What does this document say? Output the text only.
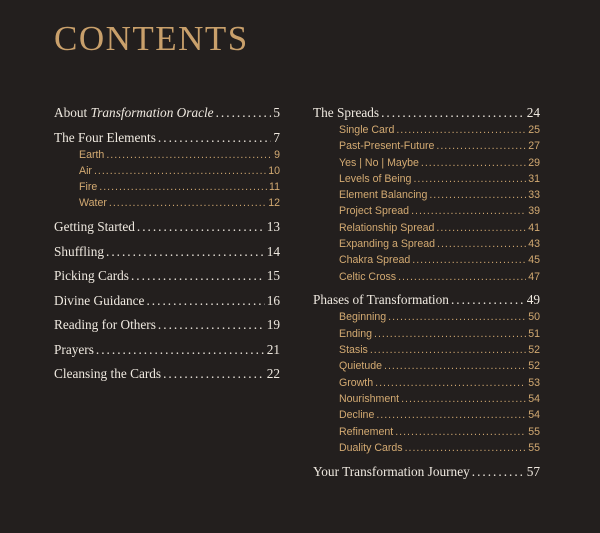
CONTENTS
About Transformation Oracle .....	5
The Four Elements .....	7
Earth .....	9
Air .....	10
Fire .....	11
Water .....	12
Getting Started .....	13
Shuffling .....	14
Picking Cards .....	15
Divine Guidance .....	16
Reading for Others .....	19
Prayers .....	21
Cleansing the Cards .....	22
The Spreads .....	24
Single Card .....	25
Past-Present-Future .....	27
Yes | No | Maybe .....	29
Levels of Being .....	31
Element Balancing .....	33
Project Spread .....	39
Relationship Spread .....	41
Expanding a Spread .....	43
Chakra Spread .....	45
Celtic Cross .....	47
Phases of Transformation .....	49
Beginning .....	50
Ending .....	51
Stasis .....	52
Quietude .....	52
Growth .....	53
Nourishment .....	54
Decline .....	54
Refinement .....	55
Duality Cards .....	55
Your Transformation Journey .....	57
